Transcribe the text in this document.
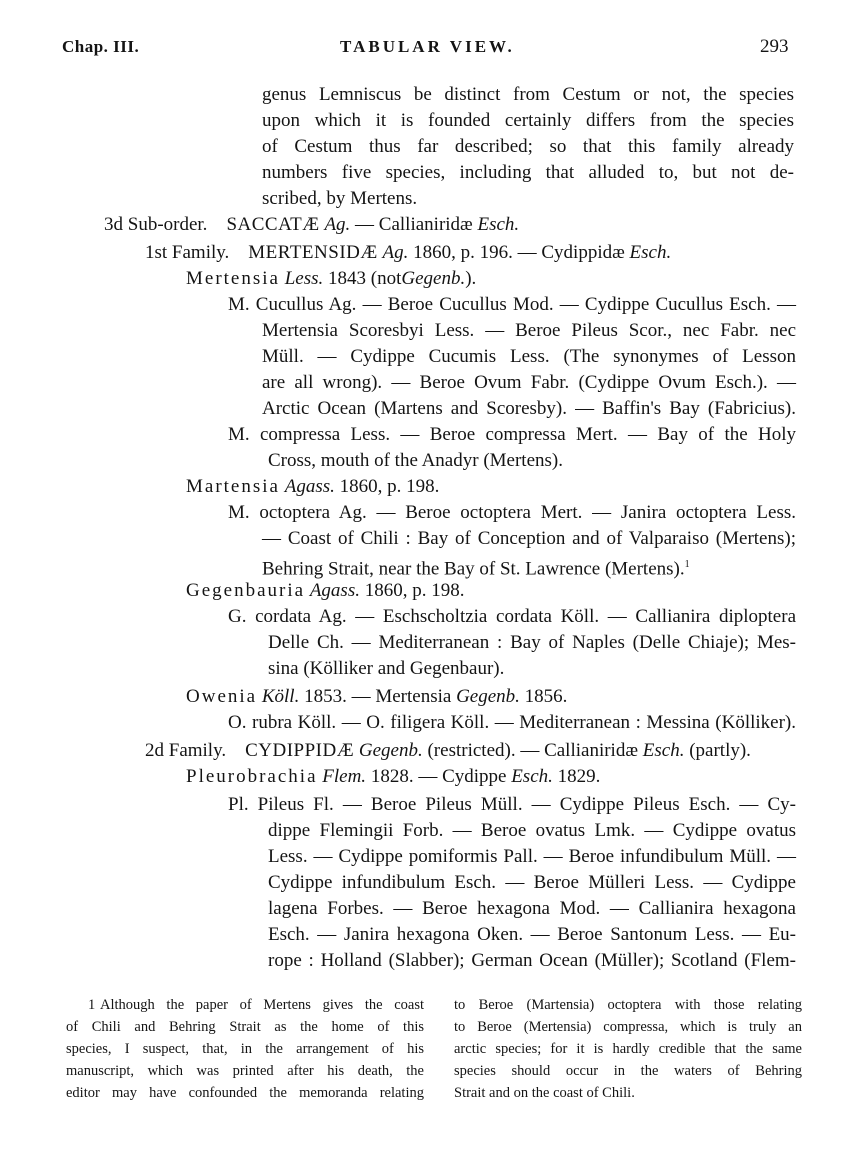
Chap. III.	TABULAR VIEW.	293
genus Lemniscus be distinct from Cestum or not, the species
upon which it is founded certainly differs from the species
of Cestum thus far described; so that this family already
numbers five species, including that alluded to, but not de-
scribed, by Mertens.
3d Sub-order. SACCATÆ Ag. — Callianiridæ Esch.
1st Family. MERTENSIDÆ Ag. 1860, p. 196. — Cydippidæ Esch.
Mertensia Less. 1843 (notGegenb.).
M. Cucullus Ag. — Beroe Cucullus Mod. — Cydippe Cucullus Esch. —
Mertensia Scoresbyi Less. — Beroe Pileus Scor., nec Fabr. nec
Müll. — Cydippe Cucumis Less. (The synonymes of Lesson
are all wrong). — Beroe Ovum Fabr. (Cydippe Ovum Esch.). —
Arctic Ocean (Martens and Scoresby). — Baffin's Bay (Fabricius).
M. compressa Less. — Beroe compressa Mert. — Bay of the Holy
Cross, mouth of the Anadyr (Mertens).
Martensia Agass. 1860, p. 198.
M. octoptera Ag. — Beroe octoptera Mert. — Janira octoptera Less.
— Coast of Chili : Bay of Conception and of Valparaiso (Mertens);
Behring Strait, near the Bay of St. Lawrence (Mertens).$^1$
Gegenbauria Agass. 1860, p. 198.
G. cordata Ag. — Eschscholtzia cordata Köll. — Callianira diploptera
Delle Ch. — Mediterranean : Bay of Naples (Delle Chiaje); Mes-
sina (Kölliker and Gegenbaur).
Owenia Köll. 1853. — Mertensia Gegenb. 1856.
O. rubra Köll. — O. filigera Köll. — Mediterranean : Messina (Kölliker).
2d Family. CYDIPPIDÆ Gegenb. (restricted). — Callianiridæ Esch. (partly).
Pleurobrachia Flem. 1828. — Cydippe Esch. 1829.
Pl. Pileus Fl. — Beroe Pileus Müll. — Cydippe Pileus Esch. — Cy-
dippe Flemingii Forb. — Beroe ovatus Lmk. — Cydippe ovatus
Less. — Cydippe pomiformis Pall. — Beroe infundibulum Müll. —
Cydippe infundibulum Esch. — Beroe Mülleri Less. — Cydippe
lagena Forbes. — Beroe hexagona Mod. — Callianira hexagona
Esch. — Janira hexagona Oken. — Beroe Santonum Less. — Eu-
rope : Holland (Slabber); German Ocean (Müller); Scotland (Flem-
1 Although the paper of Mertens gives the coast
of Chili and Behring Strait as the home of this
species, I suspect, that, in the arrangement of his
manuscript, which was printed after his death, the
editor may have confounded the memoranda relating
to Beroe (Martensia) octoptera with those relating
to Beroe (Mertensia) compressa, which is truly an
arctic species; for it is hardly credible that the same
species should occur in the waters of Behring
Strait and on the coast of Chili.
